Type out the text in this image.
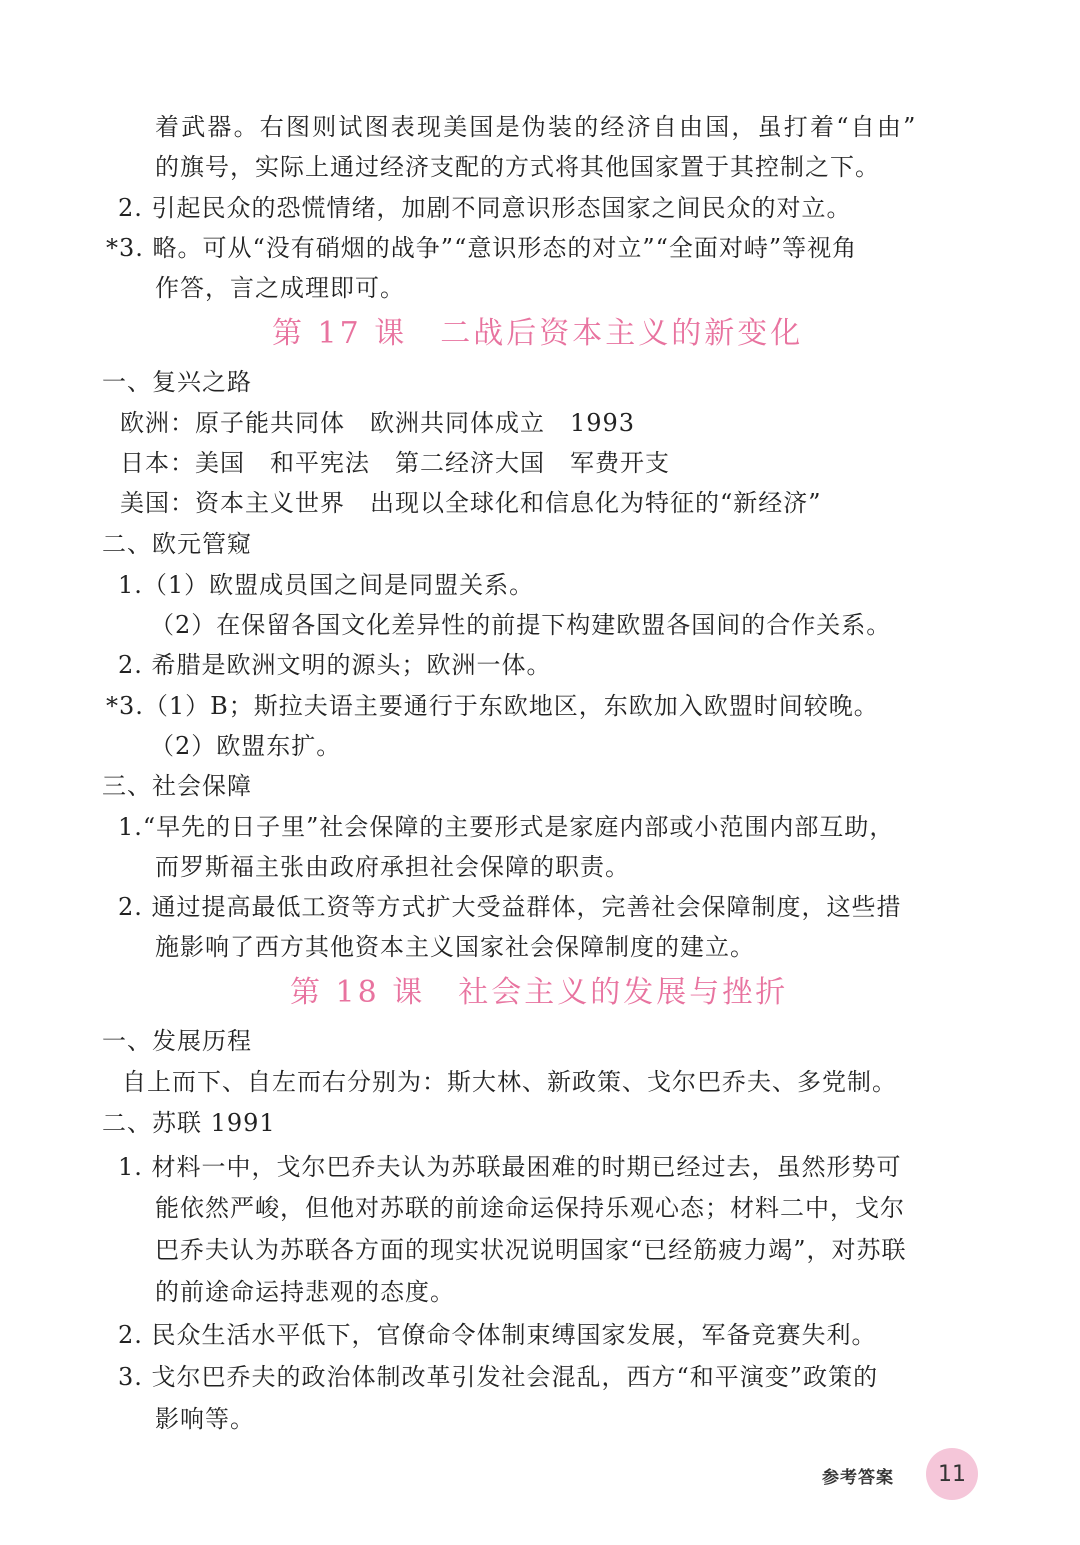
着武器。右图则试图表现美国是伪装的经济自由国，虽打着“自由”
的旗号，实际上通过经济支配的方式将其他国家置于其控制之下。
2. 引起民众的恐慌情绪，加剧不同意识形态国家之间民众的对立。
*3. 略。可从“没有硝烟的战争”“意识形态的对立”“全面对峙”等视角
作答，言之成理即可。
第 17 课　二战后资本主义的新变化
一、复兴之路
欧洲：原子能共同体　欧洲共同体成立　1993
日本：美国　和平宪法　第二经济大国　军费开支
美国：资本主义世界　出现以全球化和信息化为特征的“新经济”
二、欧元管窥
1.（1）欧盟成员国之间是同盟关系。
（2）在保留各国文化差异性的前提下构建欧盟各国间的合作关系。
2. 希腊是欧洲文明的源头；欧洲一体。
*3.（1）B；斯拉夫语主要通行于东欧地区，东欧加入欧盟时间较晚。
（2）欧盟东扩。
三、社会保障
1.“早先的日子里”社会保障的主要形式是家庭内部或小范围内部互助，
而罗斯福主张由政府承担社会保障的职责。
2. 通过提高最低工资等方式扩大受益群体，完善社会保障制度，这些措
施影响了西方其他资本主义国家社会保障制度的建立。
第 18 课　社会主义的发展与挫折
一、发展历程
自上而下、自左而右分别为：斯大林、新政策、戈尔巴乔夫、多党制。
二、苏联 1991
1. 材料一中，戈尔巴乔夫认为苏联最困难的时期已经过去，虽然形势可
能依然严峻，但他对苏联的前途命运保持乐观心态；材料二中，戈尔
巴乔夫认为苏联各方面的现实状况说明国家“已经筋疲力竭”，对苏联
的前途命运持悲观的态度。
2. 民众生活水平低下，官僚命令体制束缚国家发展，军备竞赛失利。
3. 戈尔巴乔夫的政治体制改革引发社会混乱，西方“和平演变”政策的
影响等。
参考答案 11
